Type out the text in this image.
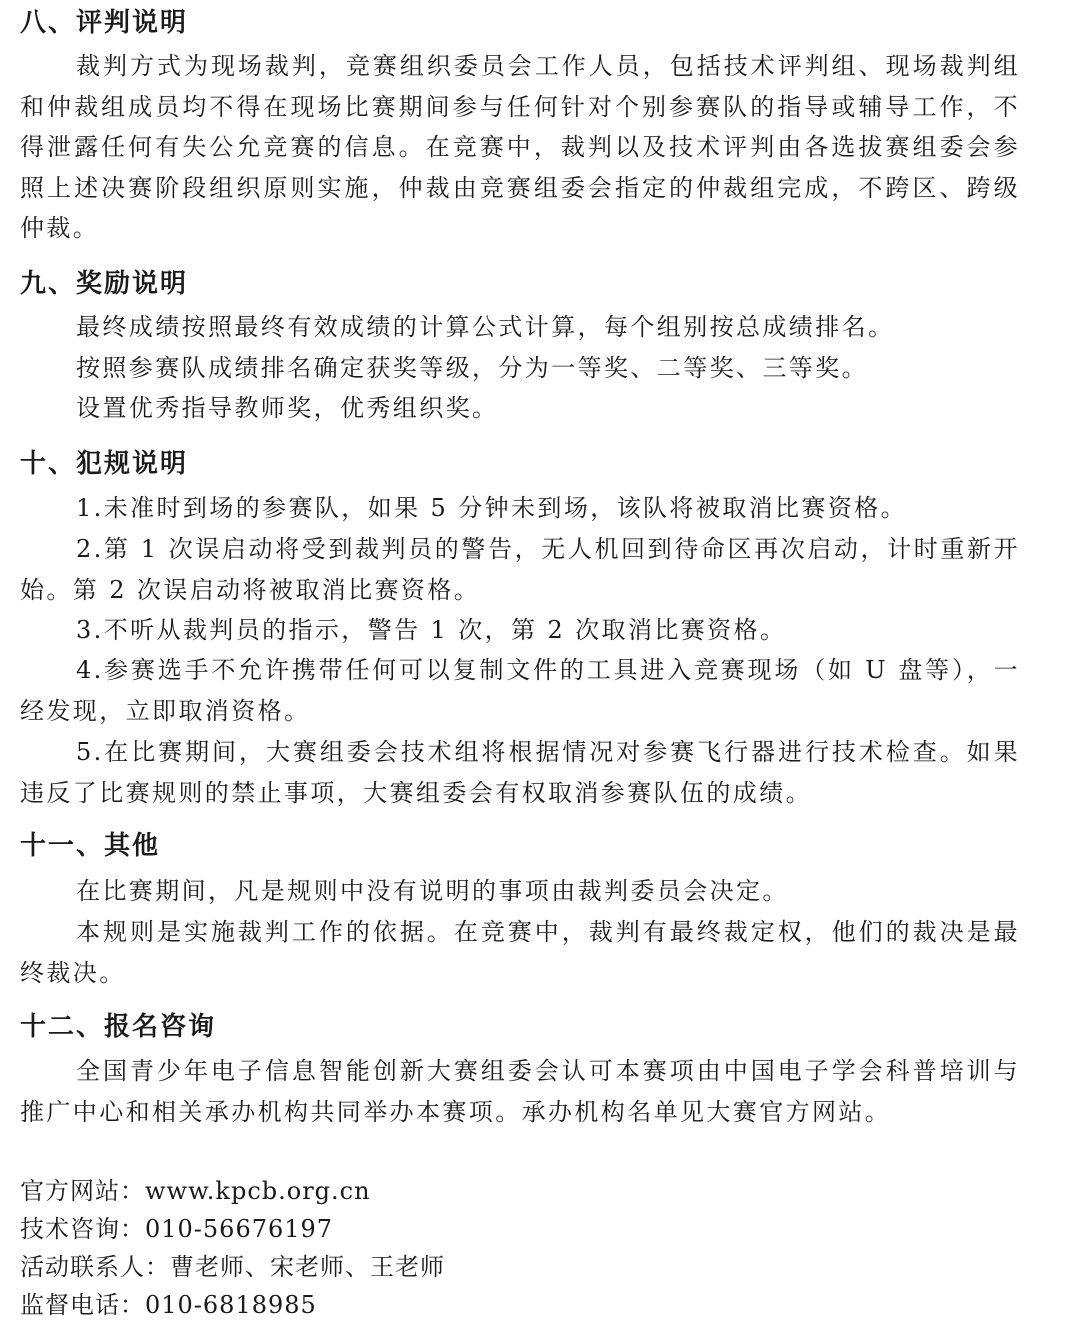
八、评判说明

裁判方式为现场裁判，竞赛组织委员会工作人员，包括技术评判组、现场裁判组和仲裁组成员均不得在现场比赛期间参与任何针对个别参赛队的指导或辅导工作，不得泄露任何有失公允竞赛的信息。在竞赛中，裁判以及技术评判由各选拔赛组委会参照上述决赛阶段组织原则实施，仲裁由竞赛组委会指定的仲裁组完成，不跨区、跨级仲裁。

九、奖励说明

最终成绩按照最终有效成绩的计算公式计算，每个组别按总成绩排名。

按照参赛队成绩排名确定获奖等级，分为一等奖、二等奖、三等奖。

设置优秀指导教师奖，优秀组织奖。

十、犯规说明

1.未准时到场的参赛队，如果 5 分钟未到场，该队将被取消比赛资格。

2.第 1 次误启动将受到裁判员的警告，无人机回到待命区再次启动，计时重新开始。第 2 次误启动将被取消比赛资格。

3.不听从裁判员的指示，警告 1 次，第 2 次取消比赛资格。

4.参赛选手不允许携带任何可以复制文件的工具进入竞赛现场（如 U 盘等），一经发现，立即取消资格。

5.在比赛期间，大赛组委会技术组将根据情况对参赛飞行器进行技术检查。如果违反了比赛规则的禁止事项，大赛组委会有权取消参赛队伍的成绩。

十一、其他

在比赛期间，凡是规则中没有说明的事项由裁判委员会决定。

本规则是实施裁判工作的依据。在竞赛中，裁判有最终裁定权，他们的裁决是最终裁决。

十二、报名咨询

全国青少年电子信息智能创新大赛组委会认可本赛项由中国电子学会科普培训与推广中心和相关承办机构共同举办本赛项。承办机构名单见大赛官方网站。

官方网站：www.kpcb.org.cn

技术咨询：010-56676197

活动联系人：曹老师、宋老师、王老师

监督电话：010-6818985
